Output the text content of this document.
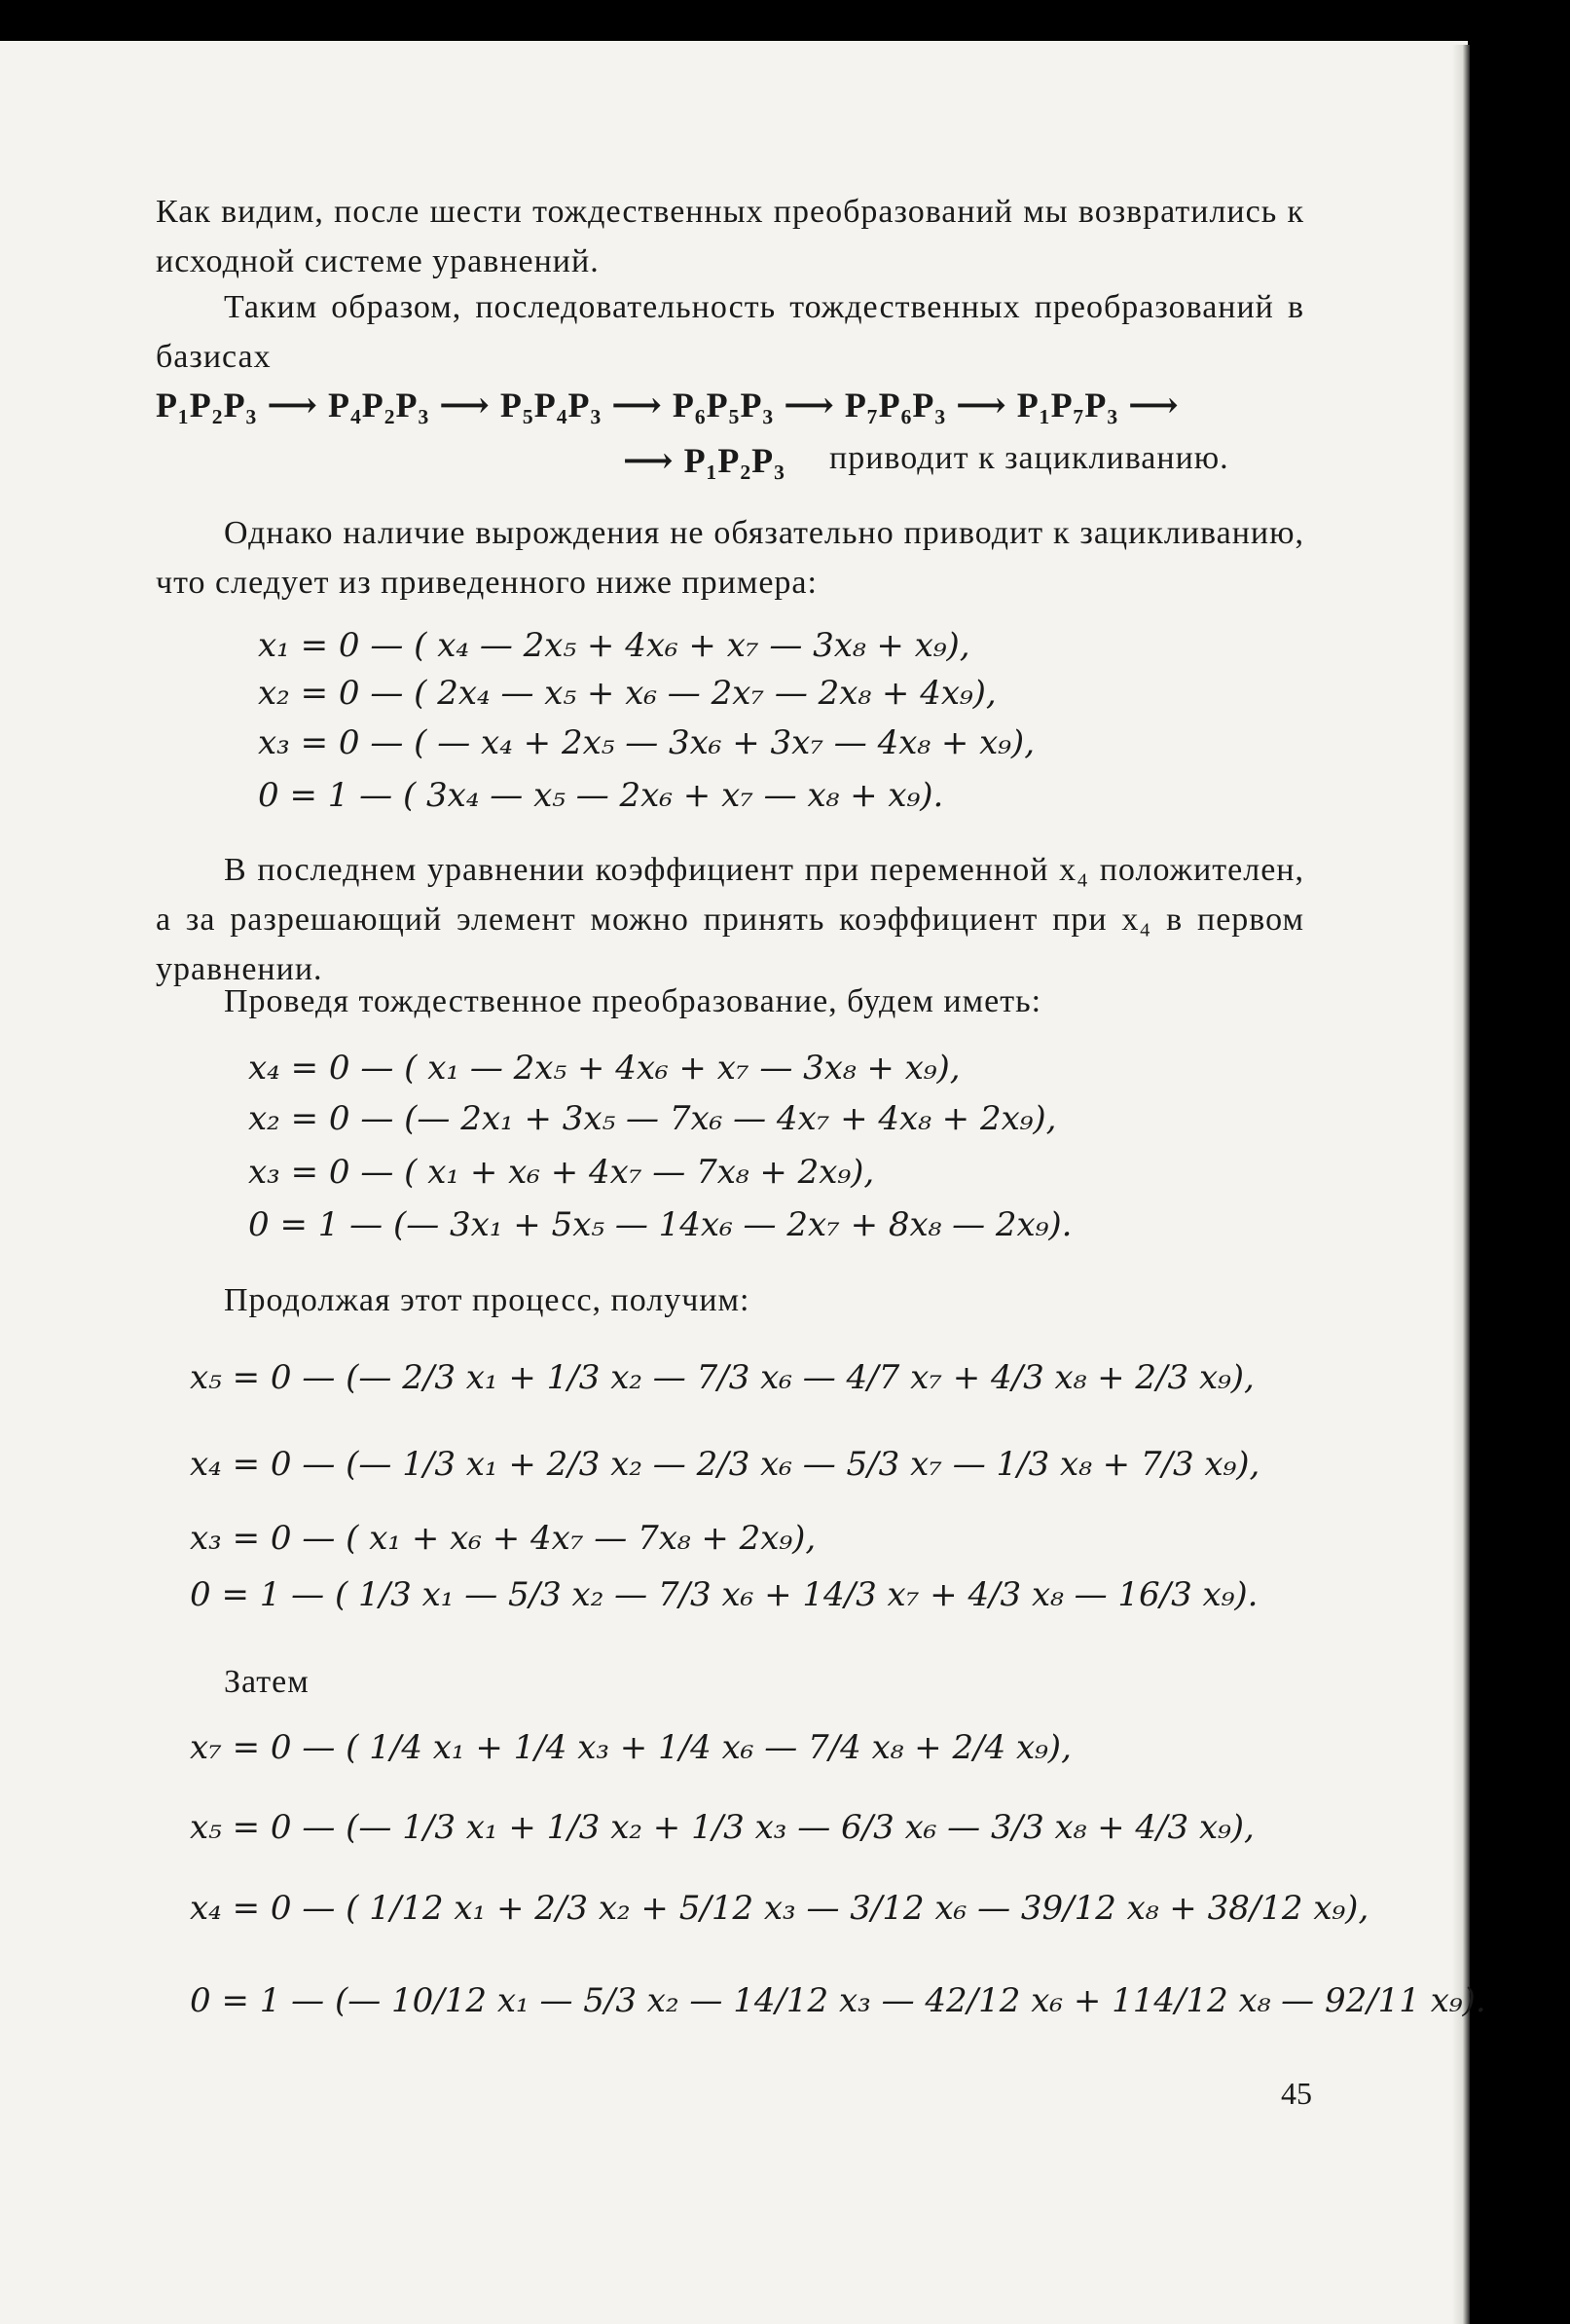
Как видим, после шести тождественных преобразований мы возвратились к исходной системе уравнений.
Таким образом, последовательность тождественных преобразований в базисах
P₁P₂P₃ ⟶ P₄P₂P₃ ⟶ P₅P₄P₃ ⟶ P₆P₅P₃ ⟶ P₇P₆P₃ ⟶ P₁P₇P₃ ⟶
⟶ P₁P₂P₃ приводит к зацикливанию.
Однако наличие вырождения не обязательно приводит к зацикливанию, что следует из приведенного ниже примера:
x₁ = 0 — ( x₄ — 2x₅ + 4x₆ + x₇ — 3x₈ + x₉),
x₂ = 0 — ( 2x₄ — x₅ + x₆ — 2x₇ — 2x₈ + 4x₉),
x₃ = 0 — ( — x₄ + 2x₅ — 3x₆ + 3x₇ — 4x₈ + x₉),
0 = 1 — ( 3x₄ — x₅ — 2x₆ + x₇ — x₈ + x₉).
В последнем уравнении коэффициент при переменной x₄ положителен, а за разрешающий элемент можно принять коэффициент при x₄ в первом уравнении.
Проведя тождественное преобразование, будем иметь:
x₄ = 0 — ( x₁ — 2x₅ + 4x₆ + x₇ — 3x₈ + x₉),
x₂ = 0 — (— 2x₁ + 3x₅ — 7x₆ — 4x₇ + 4x₈ + 2x₉),
x₃ = 0 — ( x₁ + x₆ + 4x₇ — 7x₈ + 2x₉),
0 = 1 — (— 3x₁ + 5x₅ — 14x₆ — 2x₇ + 8x₈ — 2x₉).
Продолжая этот процесс, получим:
x₅ = 0 — (— 2/3 x₁ + 1/3 x₂ — 7/3 x₆ — 4/7 x₇ + 4/3 x₈ + 2/3 x₉),
x₄ = 0 — (— 1/3 x₁ + 2/3 x₂ — 2/3 x₆ — 5/3 x₇ — 1/3 x₈ + 7/3 x₉),
x₃ = 0 — ( x₁ + x₆ + 4x₇ — 7x₈ + 2x₉),
0 = 1 — ( 1/3 x₁ — 5/3 x₂ — 7/3 x₆ + 14/3 x₇ + 4/3 x₈ — 16/3 x₉).
Затем
x₇ = 0 — ( 1/4 x₁ + 1/4 x₃ + 1/4 x₆ — 7/4 x₈ + 2/4 x₉),
x₅ = 0 — (— 1/3 x₁ + 1/3 x₂ + 1/3 x₃ — 6/3 x₆ — 3/3 x₈ + 4/3 x₉),
x₄ = 0 — ( 1/12 x₁ + 2/3 x₂ + 5/12 x₃ — 3/12 x₆ — 39/12 x₈ + 38/12 x₉),
0 = 1 — (— 10/12 x₁ — 5/3 x₂ — 14/12 x₃ — 42/12 x₆ + 114/12 x₈ — 92/11 x₉).
45
